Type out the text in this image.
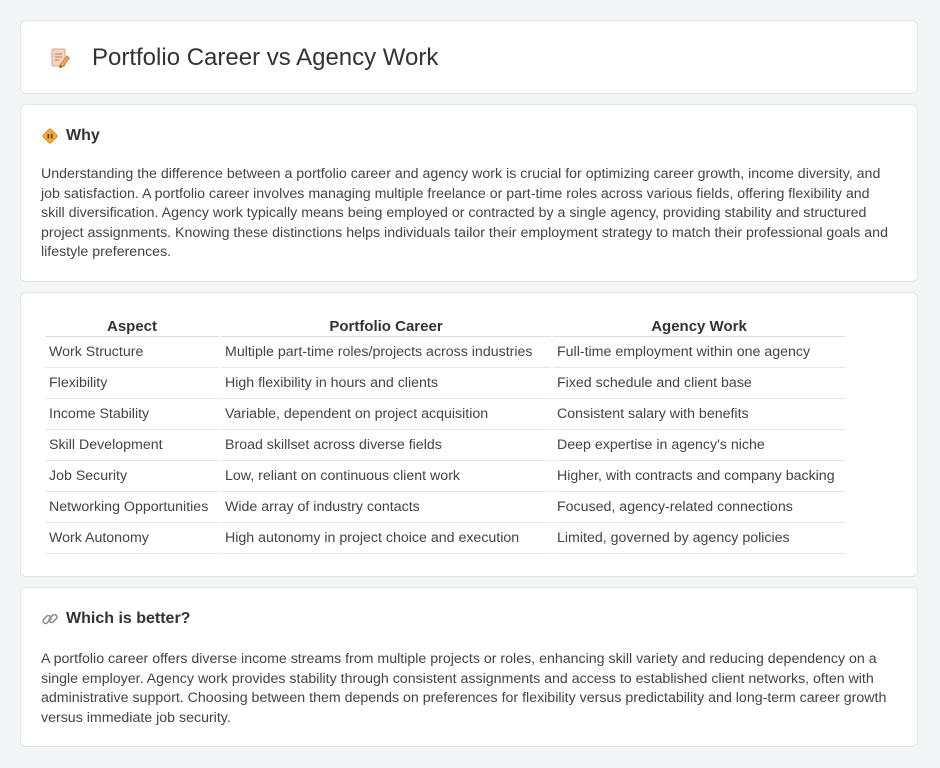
Portfolio Career vs Agency Work
Why

Understanding the difference between a portfolio career and agency work is crucial for optimizing career growth, income diversity, and job satisfaction. A portfolio career involves managing multiple freelance or part-time roles across various fields, offering flexibility and skill diversification. Agency work typically means being employed or contracted by a single agency, providing stability and structured project assignments. Knowing these distinctions helps individuals tailor their employment strategy to match their professional goals and lifestyle preferences.

Aspect	Portfolio Career	Agency Work
Work Structure	Multiple part-time roles/projects across industries	Full-time employment within one agency
Flexibility	High flexibility in hours and clients	Fixed schedule and client base
Income Stability	Variable, dependent on project acquisition	Consistent salary with benefits
Skill Development	Broad skillset across diverse fields	Deep expertise in agency's niche
Job Security	Low, reliant on continuous client work	Higher, with contracts and company backing
Networking Opportunities	Wide array of industry contacts	Focused, agency-related connections
Work Autonomy	High autonomy in project choice and execution	Limited, governed by agency policies
Which is better?

A portfolio career offers diverse income streams from multiple projects or roles, enhancing skill variety and reducing dependency on a single employer. Agency work provides stability through consistent assignments and access to established client networks, often with administrative support. Choosing between them depends on preferences for flexibility versus predictability and long-term career growth versus immediate job security.
